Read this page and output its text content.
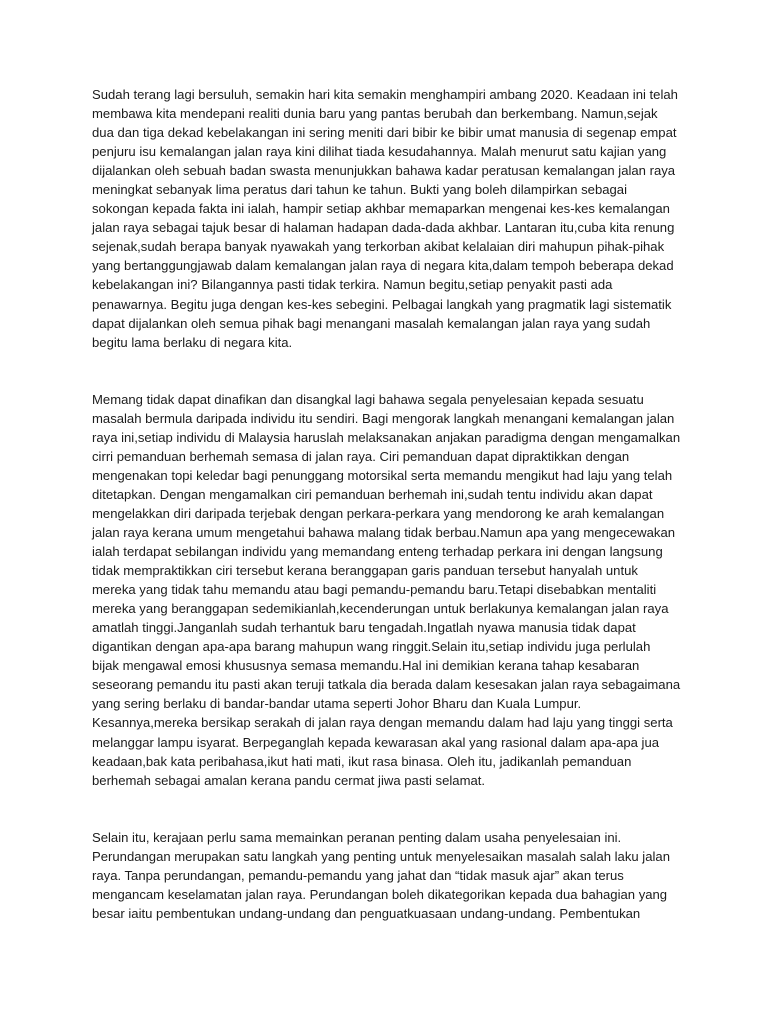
Sudah terang lagi bersuluh, semakin hari kita semakin menghampiri ambang 2020. Keadaan ini telah
membawa kita mendepani realiti dunia baru yang pantas berubah dan berkembang. Namun,sejak
dua dan tiga dekad kebelakangan ini sering meniti dari bibir ke bibir umat manusia di segenap empat
penjuru isu kemalangan jalan raya kini dilihat tiada kesudahannya. Malah menurut satu kajian yang
dijalankan oleh sebuah badan swasta menunjukkan bahawa kadar peratusan kemalangan jalan raya
meningkat sebanyak lima peratus dari tahun ke tahun. Bukti yang boleh dilampirkan sebagai
sokongan kepada fakta ini ialah, hampir setiap akhbar memaparkan mengenai kes-kes kemalangan
jalan raya sebagai tajuk besar di halaman hadapan dada-dada akhbar. Lantaran itu,cuba kita renung
sejenak,sudah berapa banyak nyawakah yang terkorban akibat kelalaian diri mahupun pihak-pihak
yang bertanggungjawab dalam kemalangan jalan raya di negara kita,dalam tempoh beberapa dekad
kebelakangan ini? Bilangannya pasti tidak terkira. Namun begitu,setiap penyakit pasti ada
penawarnya. Begitu juga dengan kes-kes sebegini. Pelbagai langkah yang pragmatik lagi sistematik
dapat dijalankan oleh semua pihak bagi menangani masalah kemalangan jalan raya yang sudah
begitu lama berlaku di negara kita.

Memang tidak dapat dinafikan dan disangkal lagi bahawa segala penyelesaian kepada sesuatu
masalah bermula daripada individu itu sendiri. Bagi mengorak langkah menangani kemalangan jalan
raya ini,setiap individu di Malaysia haruslah melaksanakan anjakan paradigma dengan mengamalkan
cirri pemanduan berhemah semasa di jalan raya. Ciri pemanduan dapat dipraktikkan dengan
mengenakan topi keledar bagi penunggang motorsikal serta memandu mengikut had laju yang telah
ditetapkan. Dengan mengamalkan ciri pemanduan berhemah ini,sudah tentu individu akan dapat
mengelakkan diri daripada terjebak dengan perkara-perkara yang mendorong ke arah kemalangan
jalan raya kerana umum mengetahui bahawa malang tidak berbau.Namun apa yang mengecewakan
ialah terdapat sebilangan individu yang memandang enteng terhadap perkara ini dengan langsung
tidak mempraktikkan ciri tersebut kerana beranggapan garis panduan tersebut hanyalah untuk
mereka yang tidak tahu memandu atau bagi pemandu-pemandu baru.Tetapi disebabkan mentaliti
mereka yang beranggapan sedemikianlah,kecenderungan untuk berlakunya kemalangan jalan raya
amatlah tinggi.Janganlah sudah terhantuk baru tengadah.Ingatlah nyawa manusia tidak dapat
digantikan dengan apa-apa barang mahupun wang ringgit.Selain itu,setiap individu juga perlulah
bijak mengawal emosi khususnya semasa memandu.Hal ini demikian kerana tahap kesabaran
seseorang pemandu itu pasti akan teruji tatkala dia berada dalam kesesakan jalan raya sebagaimana
yang sering berlaku di bandar-bandar utama seperti Johor Bharu dan Kuala Lumpur.
Kesannya,mereka bersikap serakah di jalan raya dengan memandu dalam had laju yang tinggi serta
melanggar lampu isyarat. Berpeganglah kepada kewarasan akal yang rasional dalam apa-apa jua
keadaan,bak kata peribahasa,ikut hati mati, ikut rasa binasa. Oleh itu, jadikanlah pemanduan
berhemah sebagai amalan kerana pandu cermat jiwa pasti selamat.

Selain itu, kerajaan perlu sama memainkan peranan penting dalam usaha penyelesaian ini.
Perundangan merupakan satu langkah yang penting untuk menyelesaikan masalah salah laku jalan
raya. Tanpa perundangan, pemandu-pemandu yang jahat dan “tidak masuk ajar” akan terus
mengancam keselamatan jalan raya. Perundangan boleh dikategorikan kepada dua bahagian yang
besar iaitu pembentukan undang-undang dan penguatkuasaan undang-undang. Pembentukan
